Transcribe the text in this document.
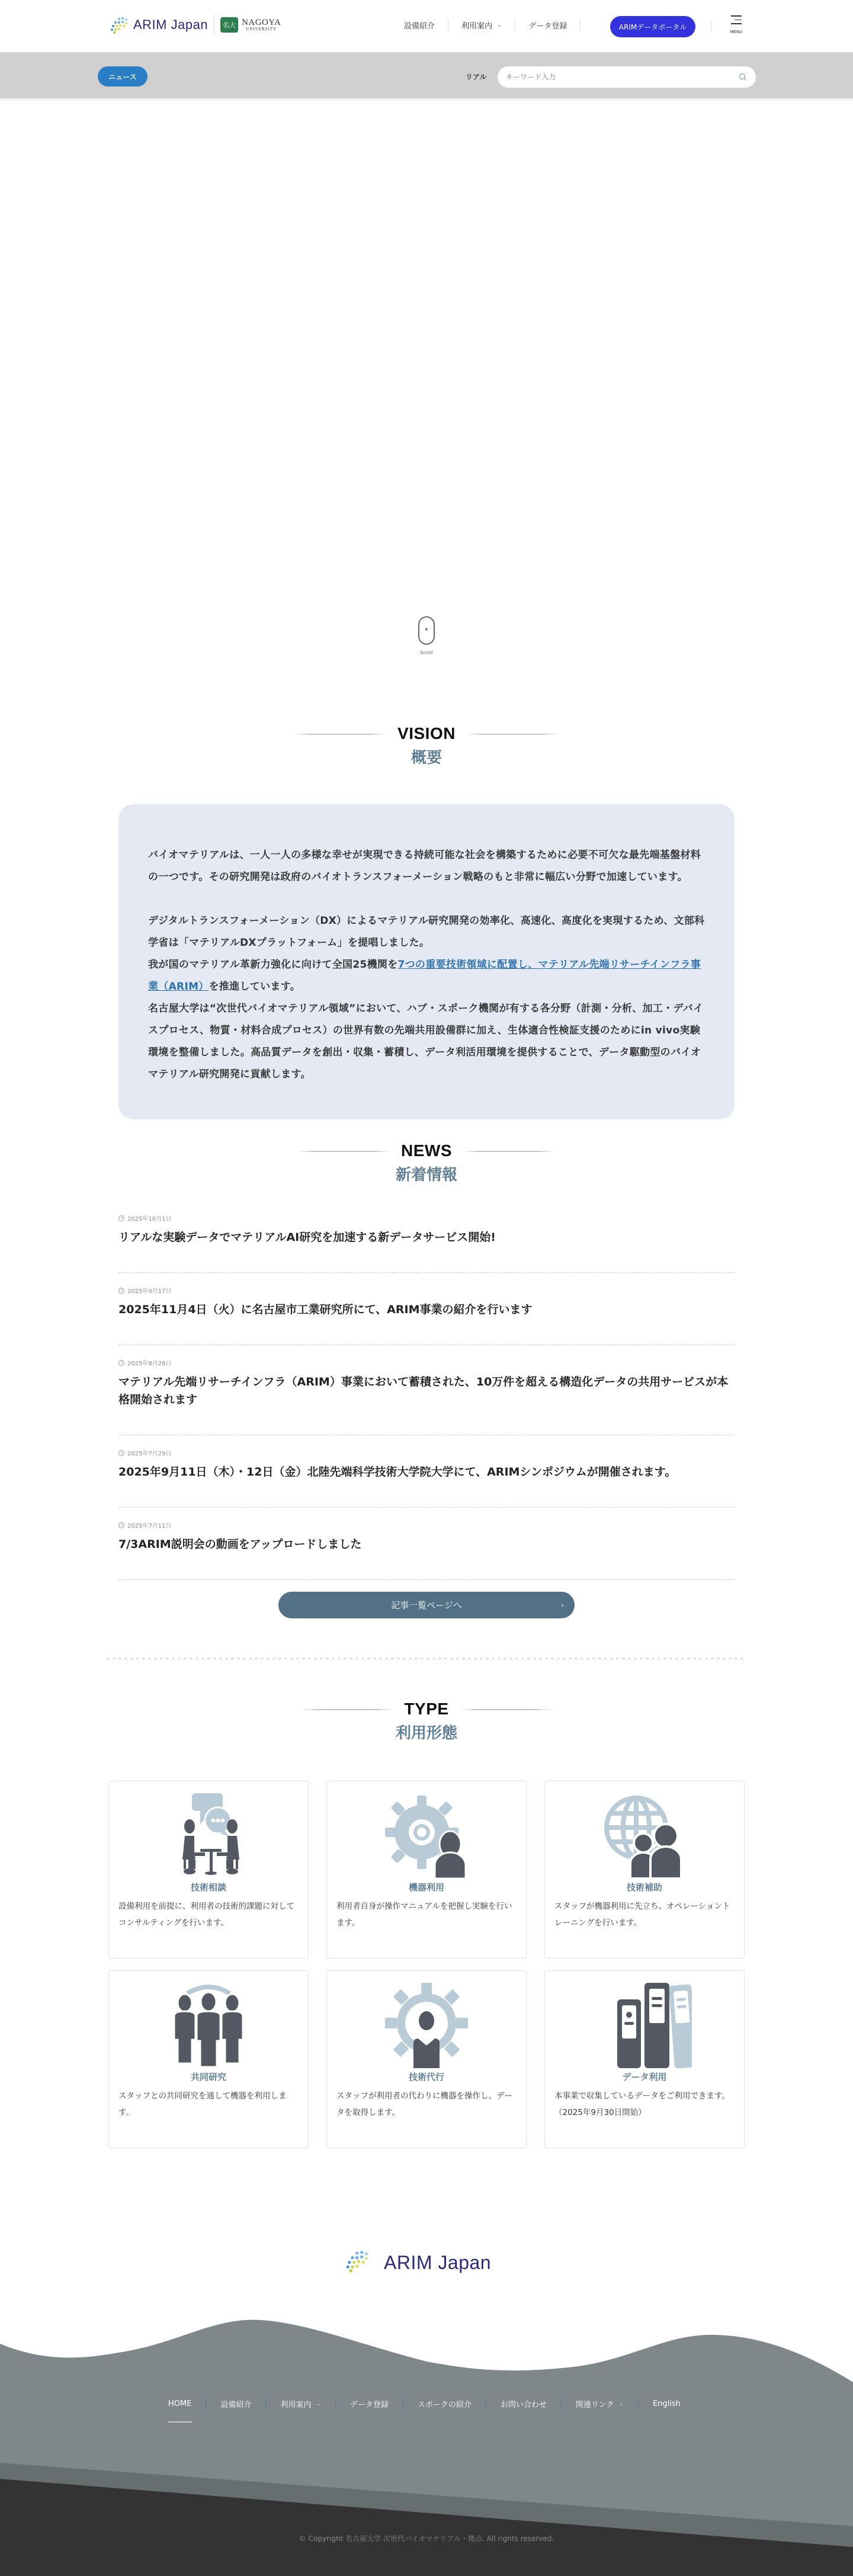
ARIM Japan	名大 NAGOYA
UNIVERSITY	設備紹介	利用案内 ⌄	データ登録	ARIMデータポータル
MENU
ニュース	リアル
キーワード入力
Scroll
VISION
概要

バイオマテリアルは、一人一人の多様な幸せが実現できる持続可能な社会を構築するために必要不可欠な最先端基盤材料の一つです。その研究開発は政府のバイオトランスフォーメーション戦略のもと非常に幅広い分野で加速しています。

デジタルトランスフォーメーション（DX）によるマテリアル研究開発の効率化、高速化、高度化を実現するため、文部科学省は「マテリアルDXプラットフォーム」を提唱しました。

我が国のマテリアル革新力強化に向けて全国25機関を7つの重要技術領域に配置し、マテリアル先端リサーチインフラ事業（ARIM）を推進しています。

名古屋大学は“次世代バイオマテリアル領域”において、ハブ・スポーク機関が有する各分野（計測・分析、加工・デバイスプロセス、物質・材料合成プロセス）の世界有数の先端共用設備群に加え、生体適合性検証支援のためにin vivo実験環境を整備しました。高品質データを創出・収集・蓄積し、データ利活用環境を提供することで、データ駆動型のバイオマテリアル研究開発に貢献します。

NEWS
新着情報
2025年10月1日
リアルな実験データでマテリアルAI研究を加速する新データサービス開始!
2025年9月17日
2025年11月4日（火）に名古屋市工業研究所にて、ARIM事業の紹介を行います
2025年8月28日
マテリアル先端リサーチインフラ（ARIM）事業において蓄積された、10万件を超える構造化データの共用サービスが本格開始されます
2025年7月29日
2025年9月11日（木）・12日（金）北陸先端科学技術大学院大学にて、ARIMシンポジウムが開催されます。
2025年7月11日
7/3ARIM説明会の動画をアップロードしました
記事一覧ページへ	›
TYPE
利用形態
技術相談
設備利用を前提に、利用者の技術的課題に対してコンサルティングを行います。
機器利用
利用者自身が操作マニュアルを把握し実験を行います。
技術補助
スタッフが機器利用に先立ち、オペレーショントレーニングを行います。
共同研究
スタッフとの共同研究を通して機器を利用します。
技術代行
スタッフが利用者の代わりに機器を操作し、データを取得します。
データ利用
本事業で収集しているデータをご利用できます。（2025年9月30日開始）
ARIM Japan
HOME	設備紹介	利用案内 ⌄	データ登録	スポークの紹介	お問い合わせ	関連リンク ⌄	English
© Copyright 名古屋大学 次世代バイオマテリアル・拠点. All rights reserved.
